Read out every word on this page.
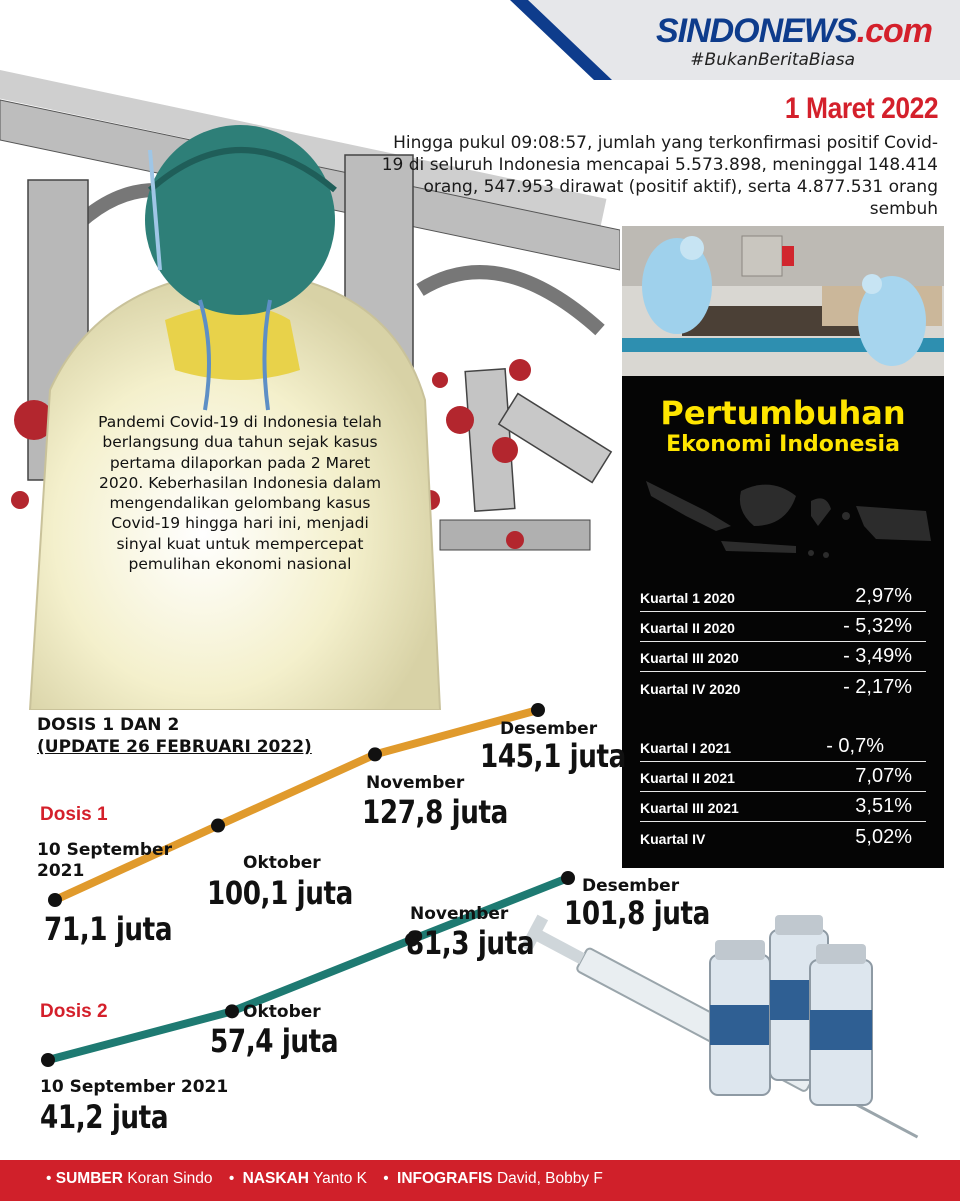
SINDONEWS.com
#BukanBeritaBiasa
Pandemi Covid-19 di Indonesia telah berlangsung dua tahun sejak kasus pertama dilaporkan pada 2 Maret 2020. Keberhasilan Indonesia dalam mengendalikan gelombang kasus Covid-19 hingga hari ini, menjadi sinyal kuat untuk mempercepat pemulihan ekonomi nasional
1 Maret 2022
Hingga pukul 09:08:57, jumlah yang terkonfirmasi positif Covid-19 di seluruh Indonesia mencapai 5.573.898, meninggal 148.414 orang, 547.953 dirawat (positif aktif), serta 4.877.531 orang sembuh
Pertumbuhan
Ekonomi Indonesia
Kuartal 1 2020	2,97%
Kuartal II 2020	- 5,32%
Kuartal III 2020	- 3,49%
Kuartal IV 2020	- 2,17%
Kuartal I 2021	- 0,7%
Kuartal II 2021	7,07%
Kuartal III 2021	3,51%
Kuartal IV	5,02%
DOSIS 1 DAN 2
(UPDATE 26 FEBRUARI 2022)
Dosis 1
Dosis 2
10 September 2021
71,1 juta
Oktober
100,1 juta
November
127,8 juta
Desember
145,1 juta
10 September 2021
41,2 juta
Oktober
57,4 juta
November
81,3 juta
Desember
101,8 juta
• SUMBER Koran Sindo • NASKAH Yanto K • INFOGRAFIS David, Bobby F
